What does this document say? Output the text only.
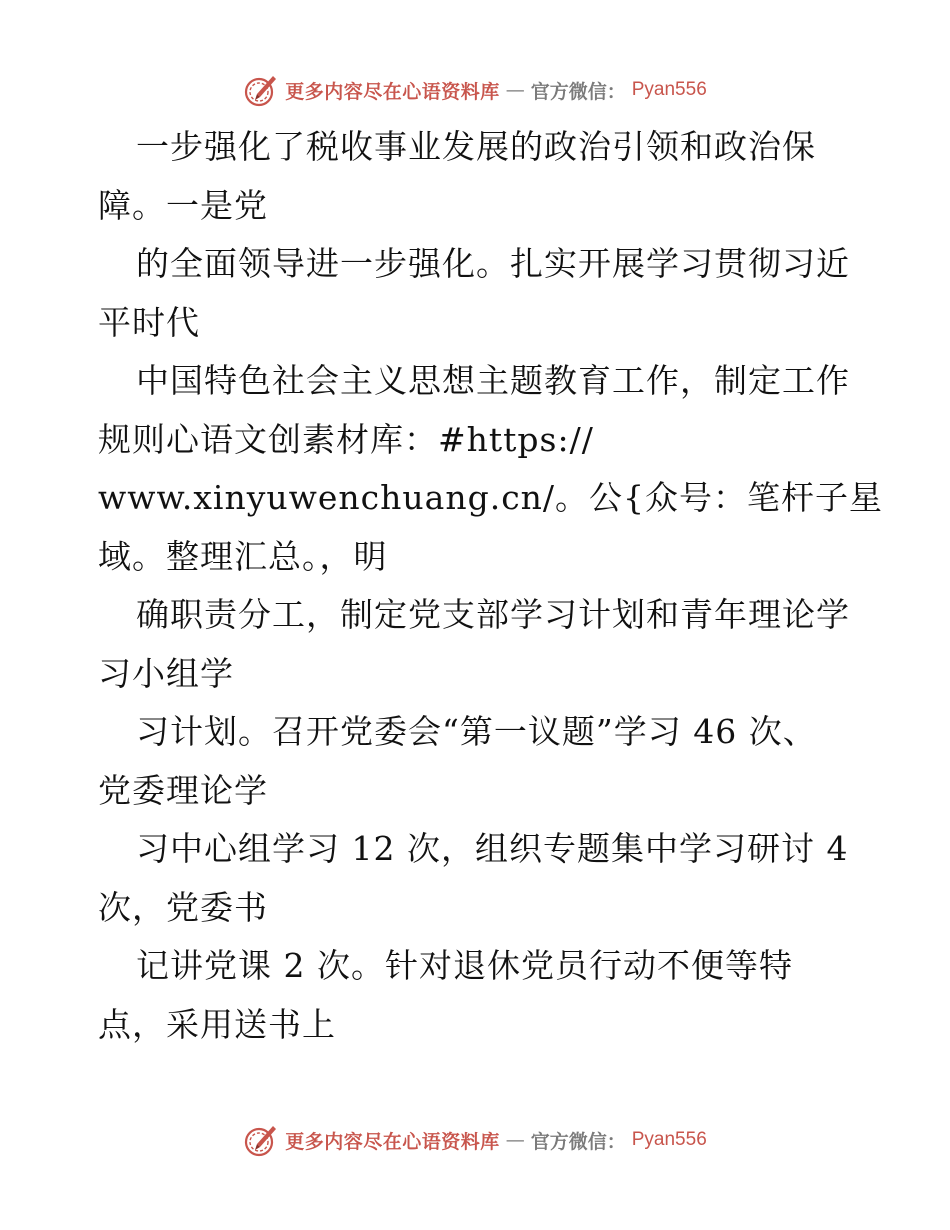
更多内容尽在心语资料库 — 官方微信： Pyan556
一步强化了税收事业发展的政治引领和政治保
障。一是党
的全面领导进一步强化。扎实开展学习贯彻习近
平时代
中国特色社会主义思想主题教育工作，制定工作
规则心语文创素材库：#https://
www.xinyuwenchuang.cn/。公{众号：笔杆子星
域。整理汇总。，明
确职责分工，制定党支部学习计划和青年理论学
习小组学
习计划。召开党委会“第一议题”学习 46 次、
党委理论学
习中心组学习 12 次，组织专题集中学习研讨 4
次，党委书
记讲党课 2 次。针对退休党员行动不便等特
点，采用送书上
更多内容尽在心语资料库 — 官方微信： Pyan556
